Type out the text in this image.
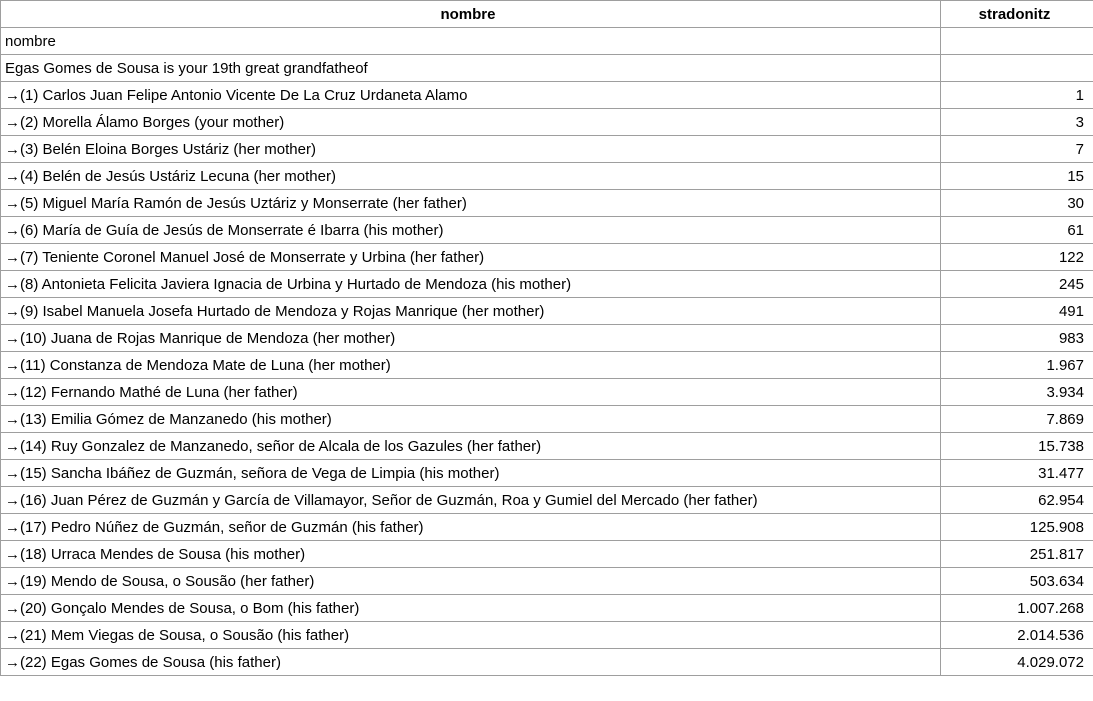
nombre	stradonitz
nombre	
Egas Gomes de Sousa is your 19th great grandfatheof	
→(1) Carlos Juan Felipe Antonio Vicente De La Cruz Urdaneta Alamo	1
→(2) Morella Álamo Borges (your mother)	3
→(3) Belén Eloina Borges Ustáriz (her mother)	7
→(4) Belén de Jesús Ustáriz Lecuna (her mother)	15
→(5) Miguel María Ramón de Jesús Uztáriz y Monserrate (her father)	30
→(6) María de Guía de Jesús de Monserrate é Ibarra (his mother)	61
→(7) Teniente Coronel Manuel José de Monserrate y Urbina (her father)	122
→(8) Antonieta Felicita Javiera Ignacia de Urbina y Hurtado de Mendoza (his mother)	245
→(9) Isabel Manuela Josefa Hurtado de Mendoza y Rojas Manrique (her mother)	491
→(10) Juana de Rojas Manrique de Mendoza (her mother)	983
→(11) Constanza de Mendoza Mate de Luna (her mother)	1.967
→(12) Fernando Mathé de Luna (her father)	3.934
→(13) Emilia Gómez de Manzanedo (his mother)	7.869
→(14) Ruy Gonzalez de Manzanedo, señor de Alcala de los Gazules (her father)	15.738
→(15) Sancha Ibáñez de Guzmán, señora de Vega de Limpia (his mother)	31.477
→(16) Juan Pérez de Guzmán y García de Villamayor, Señor de Guzmán, Roa y Gumiel del Mercado (her father)	62.954
→(17) Pedro Núñez de Guzmán, señor de Guzmán (his father)	125.908
→(18) Urraca Mendes de Sousa (his mother)	251.817
→(19) Mendo de Sousa, o Sousão (her father)	503.634
→(20) Gonçalo Mendes de Sousa, o Bom (his father)	1.007.268
→(21) Mem Viegas de Sousa, o Sousão (his father)	2.014.536
→(22) Egas Gomes de Sousa (his father)	4.029.072
